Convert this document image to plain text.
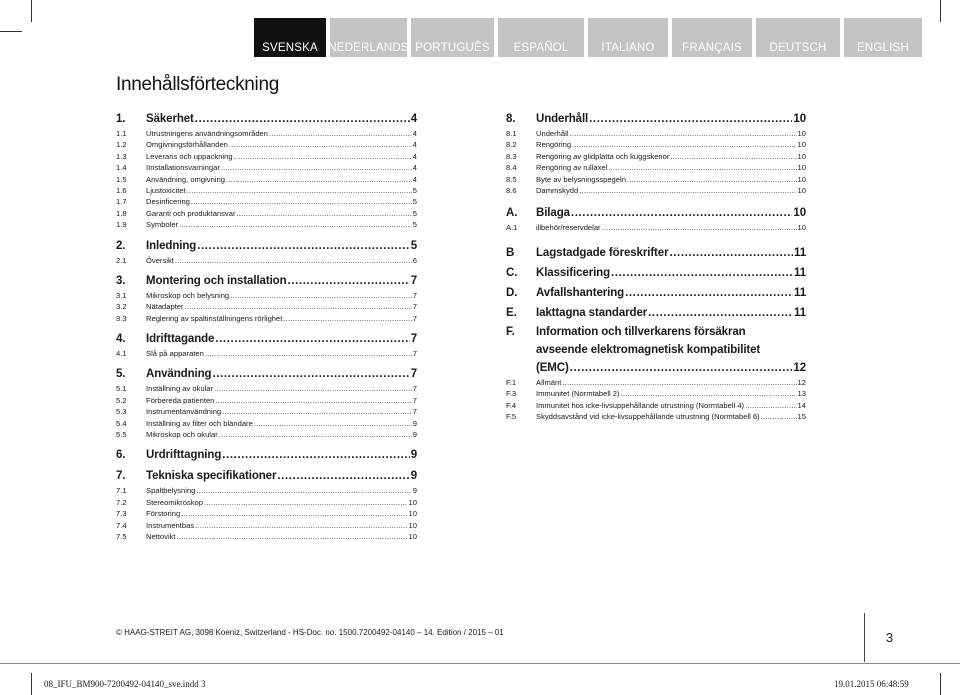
SVENSKA NEDERLANDS PORTUGUÊS	ESPAÑOL	ITALIANO	FRANÇAIS	DEUTSCH	ENGLISH
Innehållsförteckning
1.	Säkerhet .....	4
1.1	Utrustningens användningsområden .....	4
1.2	Omgivningsförhållanden .....	4
1.3	Leverans och uppackning .....	4
1.4	IInstallationsvarningar .....	4
1.5	Användning, omgivning .....	4
1.6	Ljustoxicitet .....	5
1.7	Desinficering .....	5
1.8	Garanti och produktansvar .....	5
1.9	Symboler .....	5
2.	Inledning .....	5
2.1	Översikt .....	6
3.	Montering och installation .....	7
3.1	Mikroskop och belysning .....	7
3.2	Nätadapter .....	7
3.3	Reglering av spaltinställningens rörlighet .....	7
4.	Idrifttagande .....	7
4.1	Slå på apparaten .....	7
5.	Användning .....	7
5.1	Inställning av okular .....	7
5.2	Förbereda patienten .....	7
5.3	Instrumentanvändning .....	7
5.4	Inställning av filter och bländare .....	9
5.5	Mikroskop och okular .....	9
6.	Urdrifttagning .....	9
7.	Tekniska specifikationer .....	9
7.1	Spaltbelysning .....	9
7.2	Stereomikroskop .....	10
7.3	Förstoring .....	10
7.4	Instrumentbas .....	10
7.5	Nettovikt .....	10
8.	Underhåll .....	10
8.1	Underhåll .....	10
8.2	Rengöring .....	10
8.3	Rengöring av glidplatta och kuggskenor .....	10
8.4	Rengöring av rullaxel .....	10
8.5	Byte av belysningsspegeln .....	10
8.6	Dammskydd .....	10
A.	Bilaga .....	10
A.1	illbehör/reservdelar .....	10
B	Lagstadgade föreskrifter .....	11
C.	Klassificering .....	11
D.	Avfallshantering .....	11
E.	Iakttagna standarder .....	11
F.	Information och tillverkarens försäkran
avseende elektromagnetisk kompatibilitet
(EMC) .....	12
F.1	Allmänt .....	12
F.3	Immunitet (Normtabell 2) .....	13
F.4	Immunitet hos icke-livsuppehållande utrustning (Normtabell 4) .....	14
F.5	Skyddsavstånd vid icke-livsuppehållande utrustning (Normtabell 6) .....	15
© HAAG-STREIT AG, 3098 Koeniz, Switzerland - HS-Doc. no. 1500.7200492-04140 – 14. Edition / 2015 – 01	3
08_IFU_BM900-7200492-04140_sve.indd 3	19.01.2015 06:48:59
